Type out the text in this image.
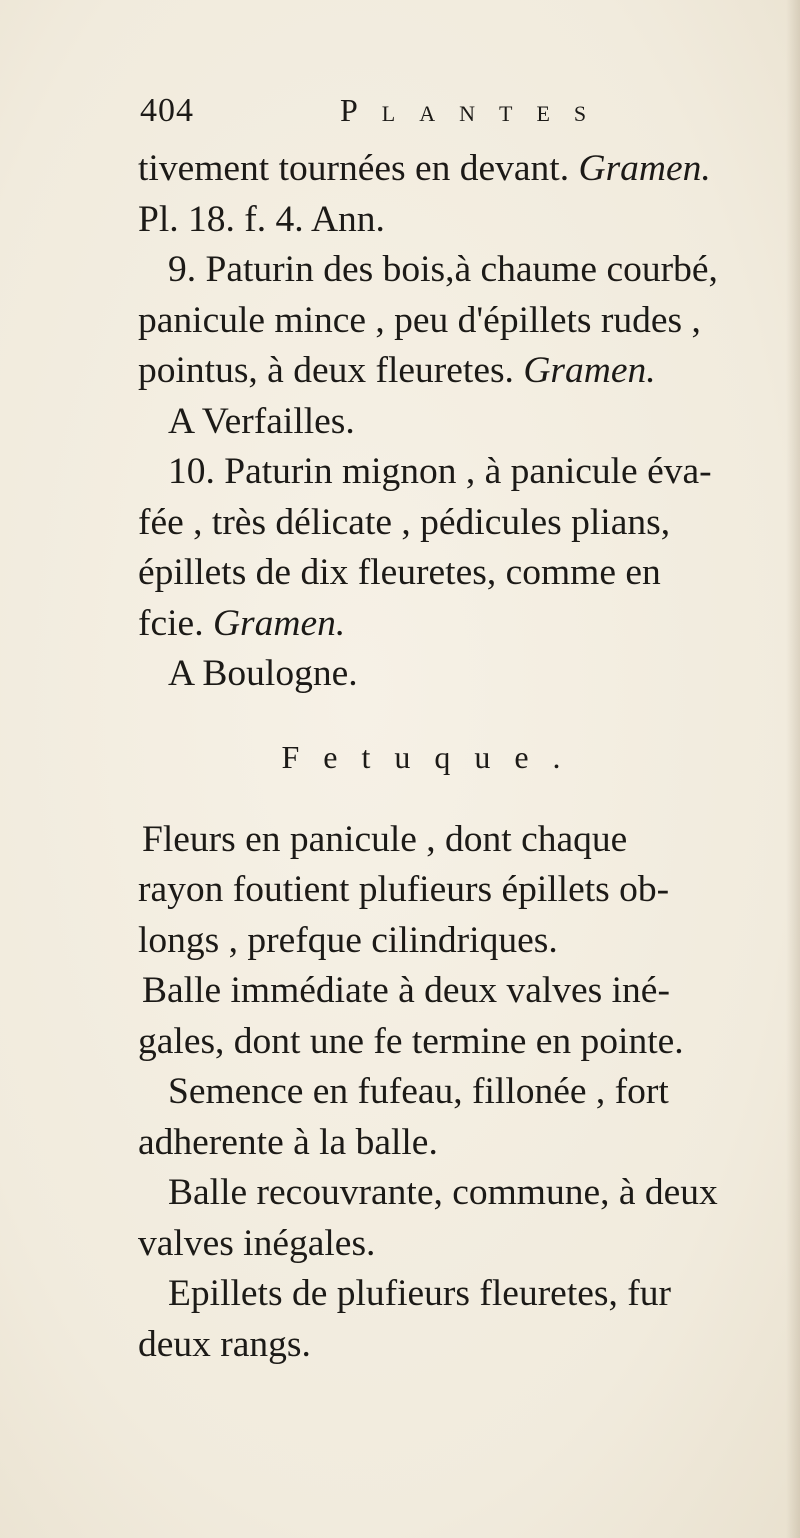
404	Plantes
tivement tournées en devant. Gramen.
Pl. 18. f. 4. Ann.
9. Paturin des bois,à chaume courbé,
panicule mince , peu d'épillets rudes ,
pointus, à deux fleuretes. Gramen.
A Verfailles.
10. Paturin mignon , à panicule éva-
fée , très délicate , pédicules plians,
épillets de dix fleuretes, comme en
fcie. Gramen.
A Boulogne.
Fetuque.
Fleurs en panicule , dont chaque
rayon foutient plufieurs épillets ob-
longs , prefque cilindriques.
Balle immédiate à deux valves iné-
gales, dont une fe termine en pointe.
Semence en fufeau, fillonée , fort
adherente à la balle.
Balle recouvrante, commune, à deux
valves inégales.
Epillets de plufieurs fleuretes, fur
deux rangs.
